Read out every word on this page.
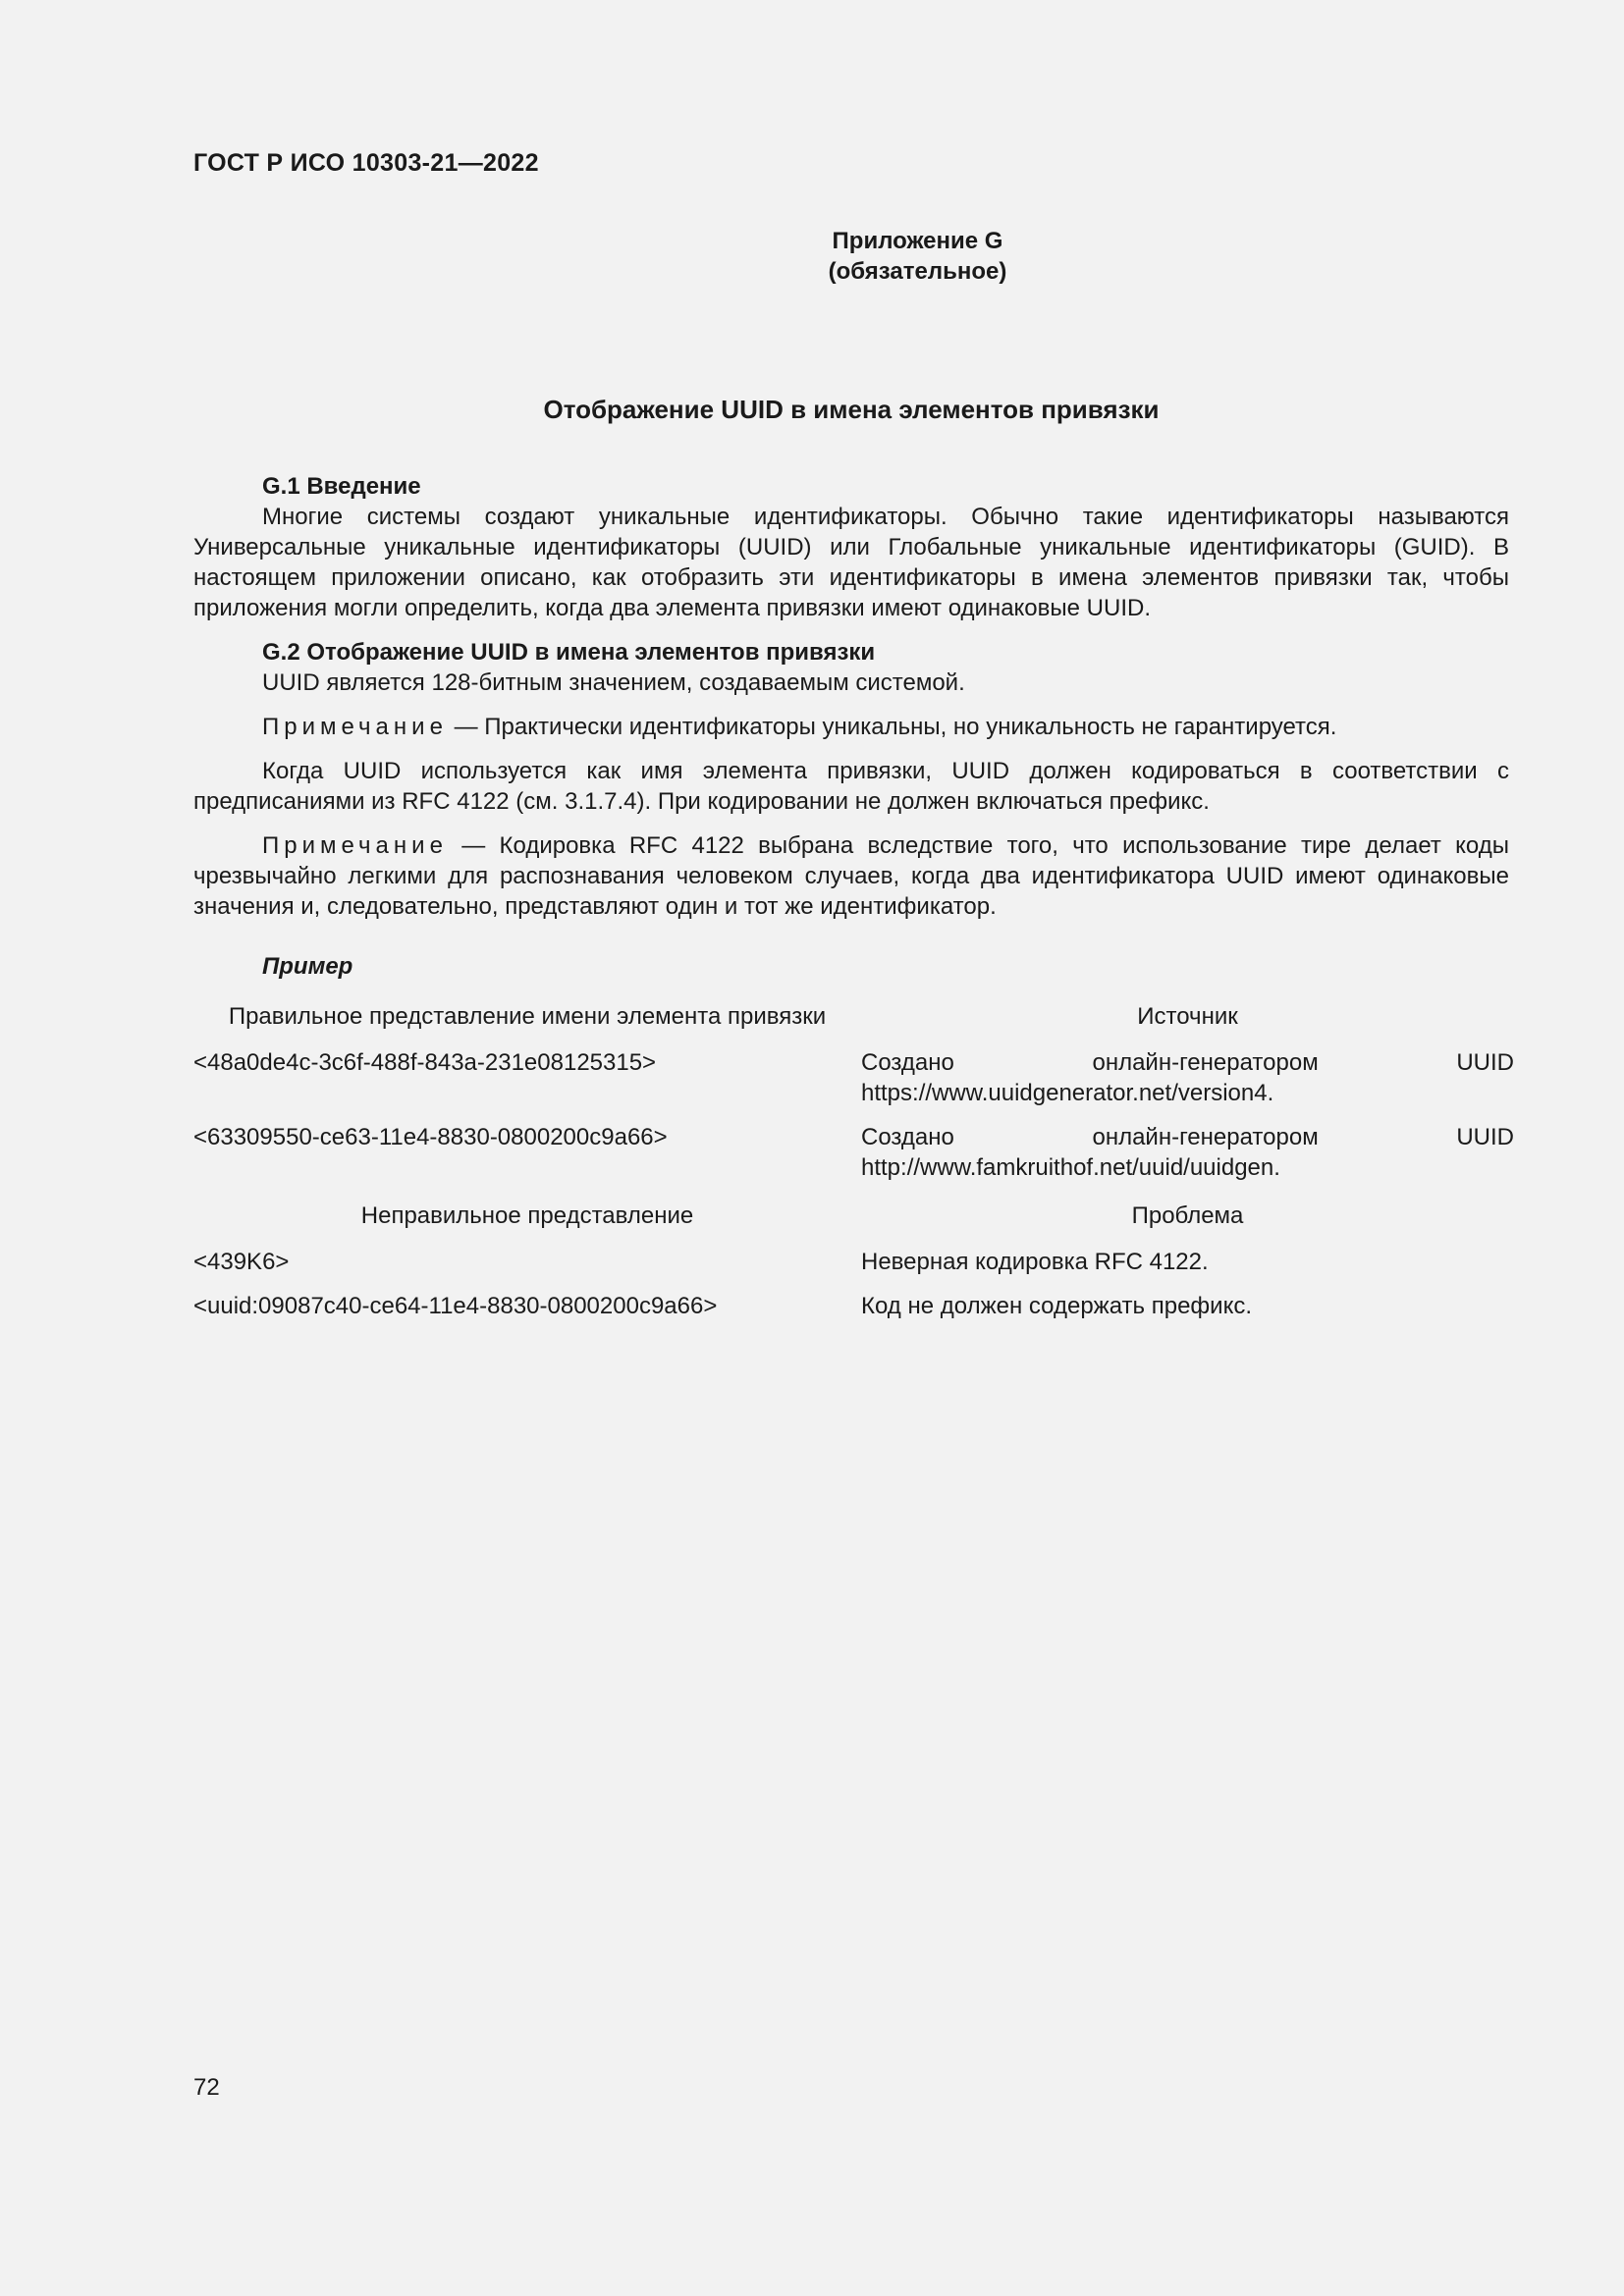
ГОСТ Р ИСО 10303-21—2022
Приложение G
(обязательное)
Отображение UUID в имена элементов привязки

G.1 Введение

Многие системы создают уникальные идентификаторы. Обычно такие идентификаторы называются Универсальные уникальные идентификаторы (UUID) или Глобальные уникальные идентификаторы (GUID). В настоящем приложении описано, как отобразить эти идентификаторы в имена элементов привязки так, чтобы приложения могли определить, когда два элемента привязки имеют одинаковые UUID.

G.2 Отображение UUID в имена элементов привязки

UUID является 128-битным значением, создаваемым системой.

Примечание — Практически идентификаторы уникальны, но уникальность не гарантируется.

Когда UUID используется как имя элемента привязки, UUID должен кодироваться в соответствии с предписаниями из RFC 4122 (см. 3.1.7.4). При кодировании не должен включаться префикс.

Примечание — Кодировка RFC 4122 выбрана вследствие того, что использование тире делает коды чрезвычайно легкими для распознавания человеком случаев, когда два идентификатора UUID имеют одинаковые значения и, следовательно, представляют один и тот же идентификатор.

Пример
Правильное представление имени элемента привязки	Источник
<48a0de4c-3c6f-488f-843a-231e08125315>	Создано онлайн-генератором UUID https://www.uuidgenerator.net/version4.
<63309550-ce63-11e4-8830-0800200c9a66>	Создано онлайн-генератором UUID http://www.famkruithof.net/uuid/uuidgen.
Неправильное представление	Проблема
<439K6>	Неверная кодировка RFC 4122.
<uuid:09087c40-ce64-11e4-8830-0800200c9a66>	Код не должен содержать префикс.
72
